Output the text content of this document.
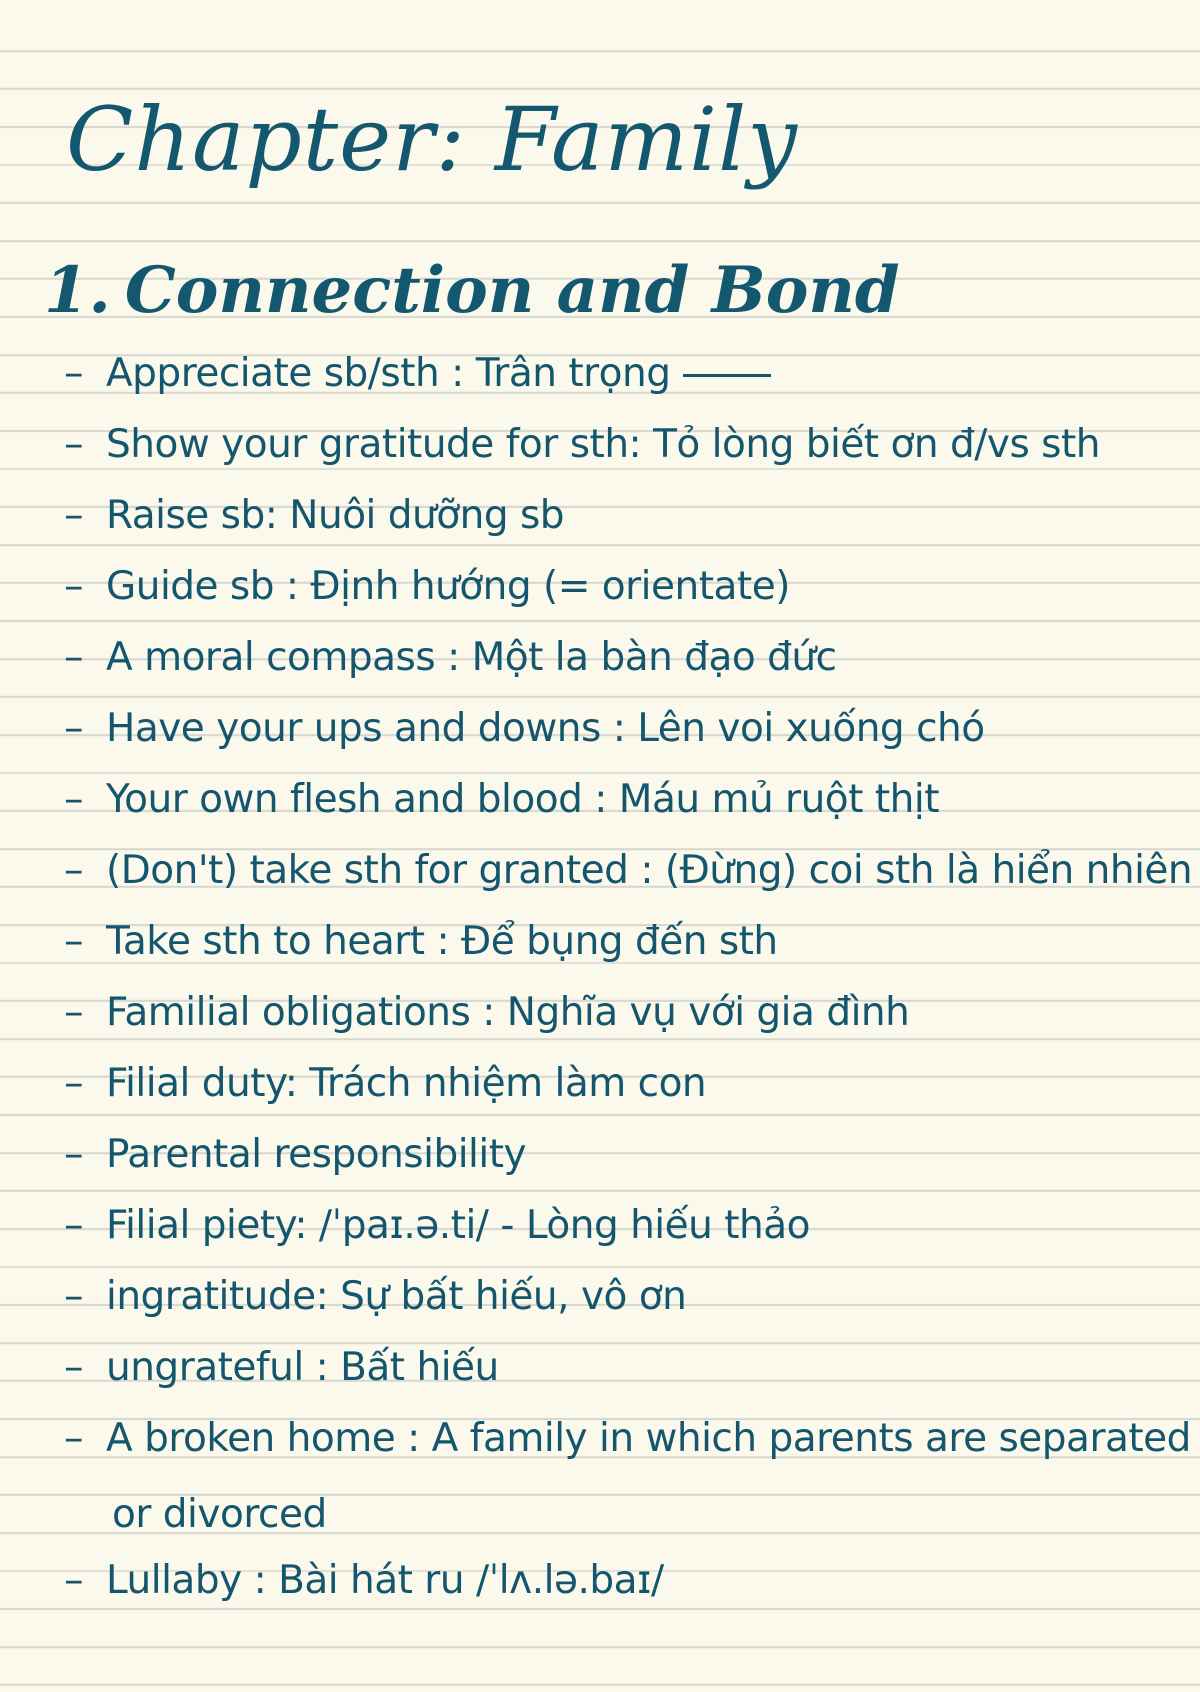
Chapter: Family
1. Connection and Bond
– Appreciate sb/sth : Trân trọng
– Show your gratitude for sth: Tỏ lòng biết ơn đ/vs sth
– Raise sb: Nuôi dưỡng sb
– Guide sb : Định hướng (= orientate)
– A moral compass : Một la bàn đạo đức
– Have your ups and downs : Lên voi xuống chó
– Your own flesh and blood : Máu mủ ruột thịt
– (Don't) take sth for granted : (Đừng) coi sth là hiển nhiên
– Take sth to heart : Để bụng đến sth
– Familial obligations : Nghĩa vụ với gia đình
– Filial duty: Trách nhiệm làm con
– Parental responsibility
– Filial piety: /ˈpaɪ.ə.ti/ - Lòng hiếu thảo
– ingratitude: Sự bất hiếu, vô ơn
– ungrateful : Bất hiếu
– A broken home : A family in which parents are separated
or divorced
– Lullaby : Bài hát ru /ˈlʌ.lə.baɪ/
